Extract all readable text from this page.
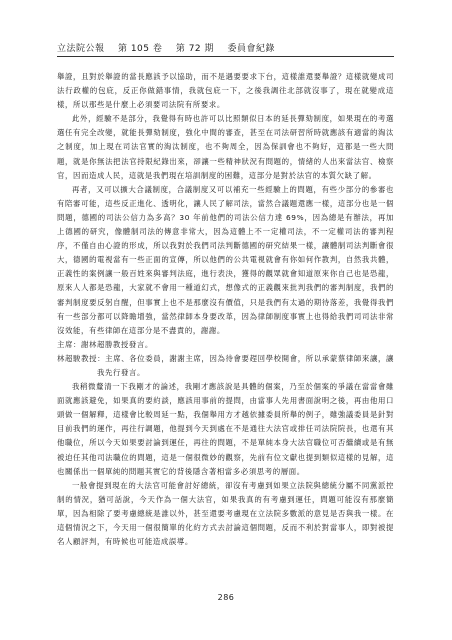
立法院公報 第 105 卷 第 72 期 委員會紀錄

舉證，且對於舉證的當長應該予以協助，而不是遇要要求下台，這樣誰還要舉證？這樣就變成司法行政權的包庇，反正你做錯事情，我就包庇一下，之後我調往北部就沒事了，現在就變成這樣，所以那些是什麼上必須要司法院有所要求。

此外，經驗不是部分，我覺得有時也許可以比照類似日本的延長彈劾制度，如果現在的考選選任有完全改變，就能長彈劾制度，強化中間的審查，甚至在司法研習所時就應該有適當的淘汰之制度，加上現在司法官實的淘汰制度，也不夠周全，因為保訓會也不夠好，這都是一些大問題，就是你無法把法官持限紀錄出來，卻讓一些精神狀況有問題的，情緒的人出來當法官、檢察官，因而造成人民，這就是我們現在培訓制度的困難，這部分是對於法官的本質欠缺了解。

再者，又可以擴大合議制度，合議制度又可以補充一些經驗上的問題，有些少部分的參審也有陪審可能，這些反正進化、透明化，讓人民了解司法，當然合議題還應一樣，這部分也是一個問題，德國的司法公信力為多高？30 年前他們的司法公信力達 69%，因為總是有辦法，再加上德國的研究，像體制司法的傳意非常大，因為這體上不一定權司法，不一定權司法的審判程序，不僅自由心證的形成，所以我對於我們司法判斷德國的研究結果一樣，讓體制司法判斷會很大，德國的電視當有一些正面的宣傳，所以他們的公共電視就會有你如何作教判，自然我共體，正義性的案例讓一般百姓來與審判法庭，進行表決，獲得的觀眾就會知道原來你自己也是恐龍，原來人人都是恐龍，大家就不會用一種道幻式，想像式的正義觀來批判我們的審判制度，我們的審判制度要反躬自醒，但事實上也不是那麼沒有價值，只是我們有太過的期待落差，我覺得我們有一些部分都可以降瞻增強，當然律師本身要改革，因為律師制度事實上也得給我們司司法非常沒效能，有些律師在這部分是不盡責的，謝謝。

主席：謝林超勝教授發言。

林超駿教授：主席、各位委員，謝謝主席，因為待會要趕回學校開會，所以承蒙蔡律師來讓，讓我先行發言。

我稍微釐清一下我剛才的論述，我剛才應該說是具體的個案，乃至於個案的爭議在當當會雖面就應該避免，如果真的要約談，應該用事前的提問，由當事人先用書面說明之後，再由他用口頭做一個解釋，這樣會比較周延一點，我個舉用方才越依據委員所舉的例子，雖強議委員是針對目前我們的運作，再往行調題，他提到今天到處在不是通往大法官或排任司法院院長，也還有其他職位，所以今天如果要討論到運任，再往的問題，不是單純本身大法官職位可否繼續或是有無被迫任其他司法職位的問題，這是一個很微妙的觀察，先前有位文獻也提到類似這樣的見解，這也關係出一個單純的問題其實它的背後隱含著相當多必須思考的層面。

一般會提到現在的大法官可能會討好總統，卻沒有考慮到如果立法院與總統分屬不同黨派控制的情況，猶可話說，今天作為一個大法官，如果我真的有考慮到運任，問題可能沒有那麼簡單，因為相除了要考慮總統是誰以外，甚至還要考慮現在立法院多數派的意見是否與我一樣。在這個情況之下，今天用一個很簡單的化約方式去討論這個問題，反而不利於對當事人，即對被提名人顧評判，有時候也可能造成誤導。

286
